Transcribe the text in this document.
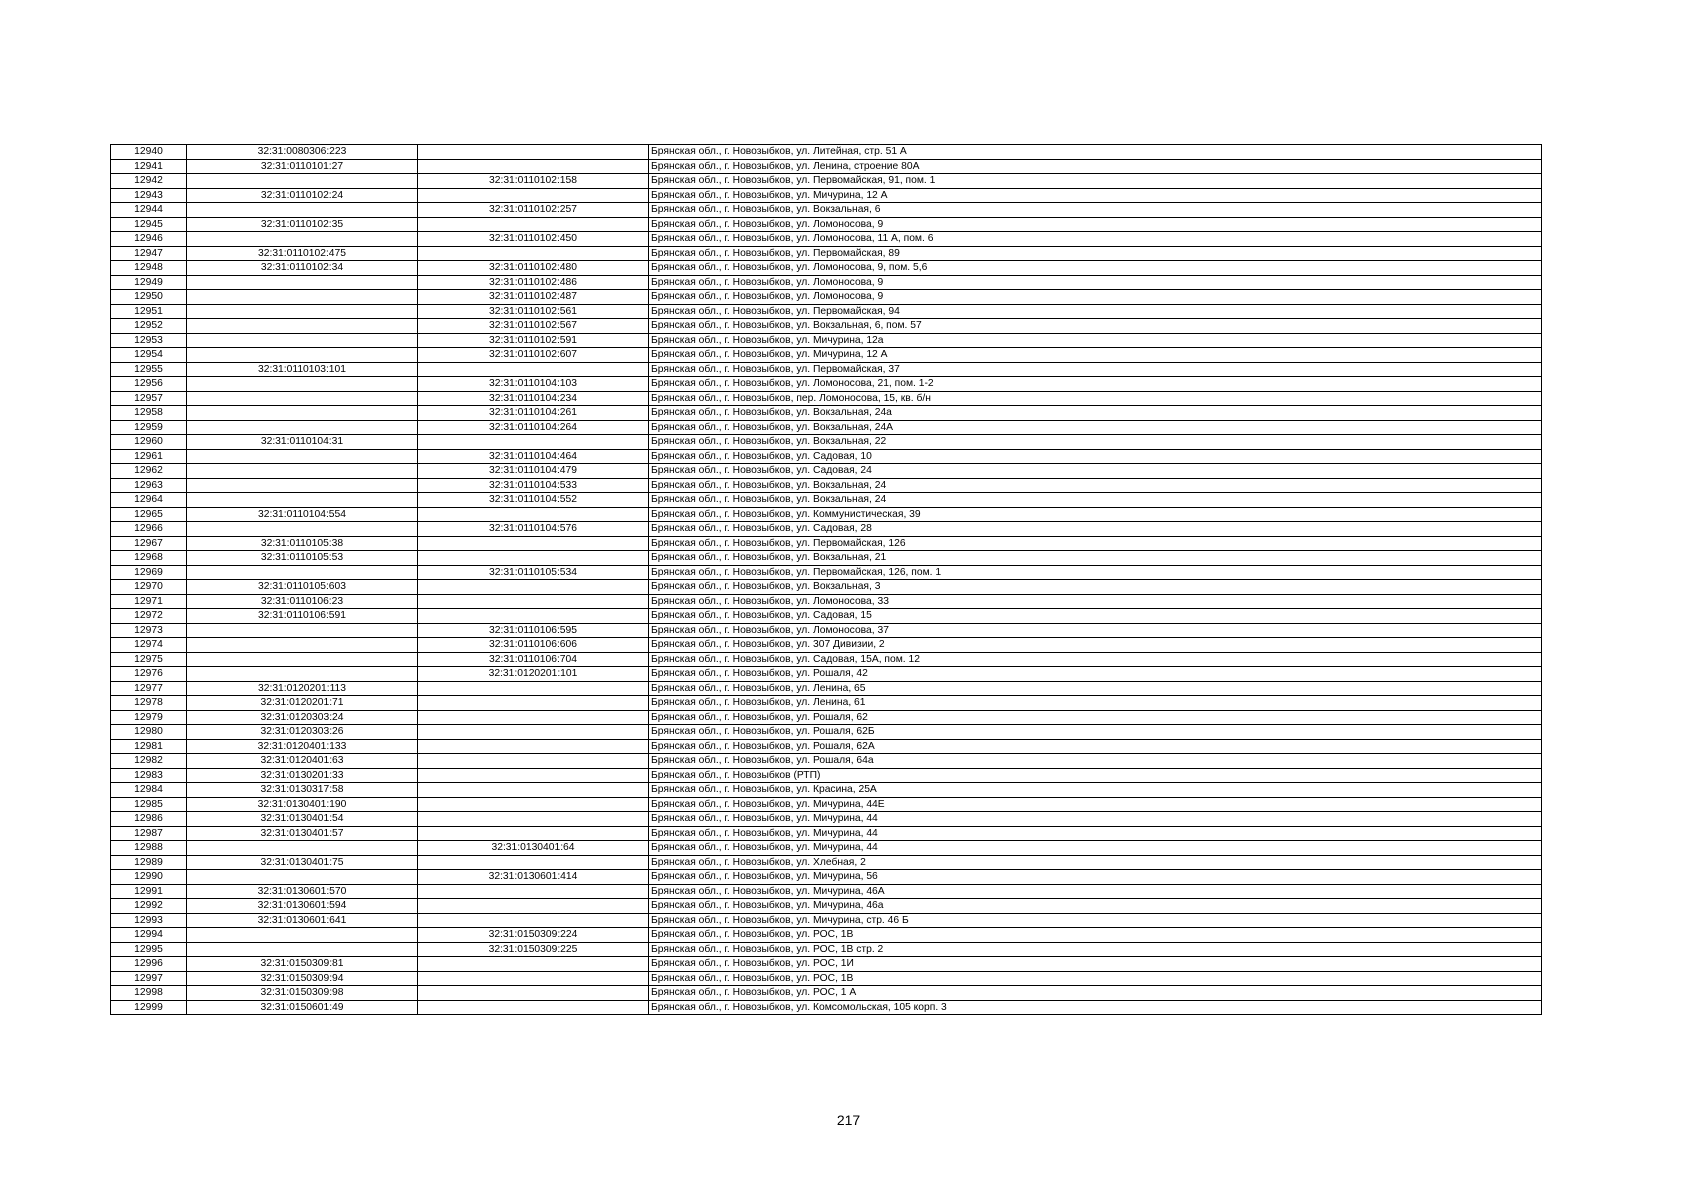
12940	32:31:0080306:223		Брянская обл., г. Новозыбков, ул. Литейная, стр. 51 А
12941	32:31:0110101:27		Брянская обл., г. Новозыбков, ул. Ленина, строение 80А
12942		32:31:0110102:158	Брянская обл., г. Новозыбков, ул. Первомайская, 91, пом. 1
12943	32:31:0110102:24		Брянская обл., г. Новозыбков, ул. Мичурина, 12 А
12944		32:31:0110102:257	Брянская обл., г. Новозыбков, ул. Вокзальная, 6
12945	32:31:0110102:35		Брянская обл., г. Новозыбков, ул. Ломоносова, 9
12946		32:31:0110102:450	Брянская обл., г. Новозыбков, ул. Ломоносова, 11 А, пом. 6
12947	32:31:0110102:475		Брянская обл., г. Новозыбков, ул. Первомайская, 89
12948	32:31:0110102:34	32:31:0110102:480	Брянская обл., г. Новозыбков, ул. Ломоносова, 9, пом. 5,6
12949		32:31:0110102:486	Брянская обл., г. Новозыбков, ул. Ломоносова, 9
12950		32:31:0110102:487	Брянская обл., г. Новозыбков, ул. Ломоносова, 9
12951		32:31:0110102:561	Брянская обл., г. Новозыбков, ул. Первомайская, 94
12952		32:31:0110102:567	Брянская обл., г. Новозыбков, ул. Вокзальная, 6, пом. 57
12953		32:31:0110102:591	Брянская обл., г. Новозыбков, ул. Мичурина, 12а
12954		32:31:0110102:607	Брянская обл., г. Новозыбков, ул. Мичурина, 12 А
12955	32:31:0110103:101		Брянская обл., г. Новозыбков, ул. Первомайская, 37
12956		32:31:0110104:103	Брянская обл., г. Новозыбков, ул. Ломоносова, 21, пом. 1-2
12957		32:31:0110104:234	Брянская обл., г. Новозыбков, пер. Ломоносова, 15, кв. б/н
12958		32:31:0110104:261	Брянская обл., г. Новозыбков, ул. Вокзальная, 24а
12959		32:31:0110104:264	Брянская обл., г. Новозыбков, ул. Вокзальная, 24А
12960	32:31:0110104:31		Брянская обл., г. Новозыбков, ул. Вокзальная, 22
12961		32:31:0110104:464	Брянская обл., г. Новозыбков, ул. Садовая, 10
12962		32:31:0110104:479	Брянская обл., г. Новозыбков, ул. Садовая, 24
12963		32:31:0110104:533	Брянская обл., г. Новозыбков, ул. Вокзальная, 24
12964		32:31:0110104:552	Брянская обл., г. Новозыбков, ул. Вокзальная, 24
12965	32:31:0110104:554		Брянская обл., г. Новозыбков, ул. Коммунистическая, 39
12966		32:31:0110104:576	Брянская обл., г. Новозыбков, ул. Садовая, 28
12967	32:31:0110105:38		Брянская обл., г. Новозыбков, ул. Первомайская, 126
12968	32:31:0110105:53		Брянская обл., г. Новозыбков, ул. Вокзальная, 21
12969		32:31:0110105:534	Брянская обл., г. Новозыбков, ул. Первомайская, 126, пом. 1
12970	32:31:0110105:603		Брянская обл., г. Новозыбков, ул. Вокзальная, 3
12971	32:31:0110106:23		Брянская обл., г. Новозыбков, ул. Ломоносова, 33
12972	32:31:0110106:591		Брянская обл., г. Новозыбков, ул. Садовая, 15
12973		32:31:0110106:595	Брянская обл., г. Новозыбков, ул. Ломоносова, 37
12974		32:31:0110106:606	Брянская обл., г. Новозыбков, ул. 307 Дивизии, 2
12975		32:31:0110106:704	Брянская обл., г. Новозыбков, ул. Садовая, 15А, пом. 12
12976		32:31:0120201:101	Брянская обл., г. Новозыбков, ул. Рошаля, 42
12977	32:31:0120201:113		Брянская обл., г. Новозыбков, ул. Ленина, 65
12978	32:31:0120201:71		Брянская обл., г. Новозыбков, ул. Ленина, 61
12979	32:31:0120303:24		Брянская обл., г. Новозыбков, ул. Рошаля, 62
12980	32:31:0120303:26		Брянская обл., г. Новозыбков, ул. Рошаля, 62Б
12981	32:31:0120401:133		Брянская обл., г. Новозыбков, ул. Рошаля, 62А
12982	32:31:0120401:63		Брянская обл., г. Новозыбков, ул. Рошаля, 64а
12983	32:31:0130201:33		Брянская обл., г. Новозыбков (РТП)
12984	32:31:0130317:58		Брянская обл., г. Новозыбков, ул. Красина, 25А
12985	32:31:0130401:190		Брянская обл., г. Новозыбков, ул. Мичурина, 44Е
12986	32:31:0130401:54		Брянская обл., г. Новозыбков, ул. Мичурина, 44
12987	32:31:0130401:57		Брянская обл., г. Новозыбков, ул. Мичурина, 44
12988		32:31:0130401:64	Брянская обл., г. Новозыбков, ул. Мичурина, 44
12989	32:31:0130401:75		Брянская обл., г. Новозыбков, ул. Хлебная, 2
12990		32:31:0130601:414	Брянская обл., г. Новозыбков, ул. Мичурина, 56
12991	32:31:0130601:570		Брянская обл., г. Новозыбков, ул. Мичурина, 46А
12992	32:31:0130601:594		Брянская обл., г. Новозыбков, ул. Мичурина, 46а
12993	32:31:0130601:641		Брянская обл., г. Новозыбков, ул. Мичурина, стр. 46 Б
12994		32:31:0150309:224	Брянская обл., г. Новозыбков, ул. РОС, 1В
12995		32:31:0150309:225	Брянская обл., г. Новозыбков, ул. РОС, 1В стр. 2
12996	32:31:0150309:81		Брянская обл., г. Новозыбков, ул. РОС, 1И
12997	32:31:0150309:94		Брянская обл., г. Новозыбков, ул. РОС, 1В
12998	32:31:0150309:98		Брянская обл., г. Новозыбков, ул. РОС, 1 А
12999	32:31:0150601:49		Брянская обл., г. Новозыбков, ул. Комсомольская, 105 корп. 3
217
